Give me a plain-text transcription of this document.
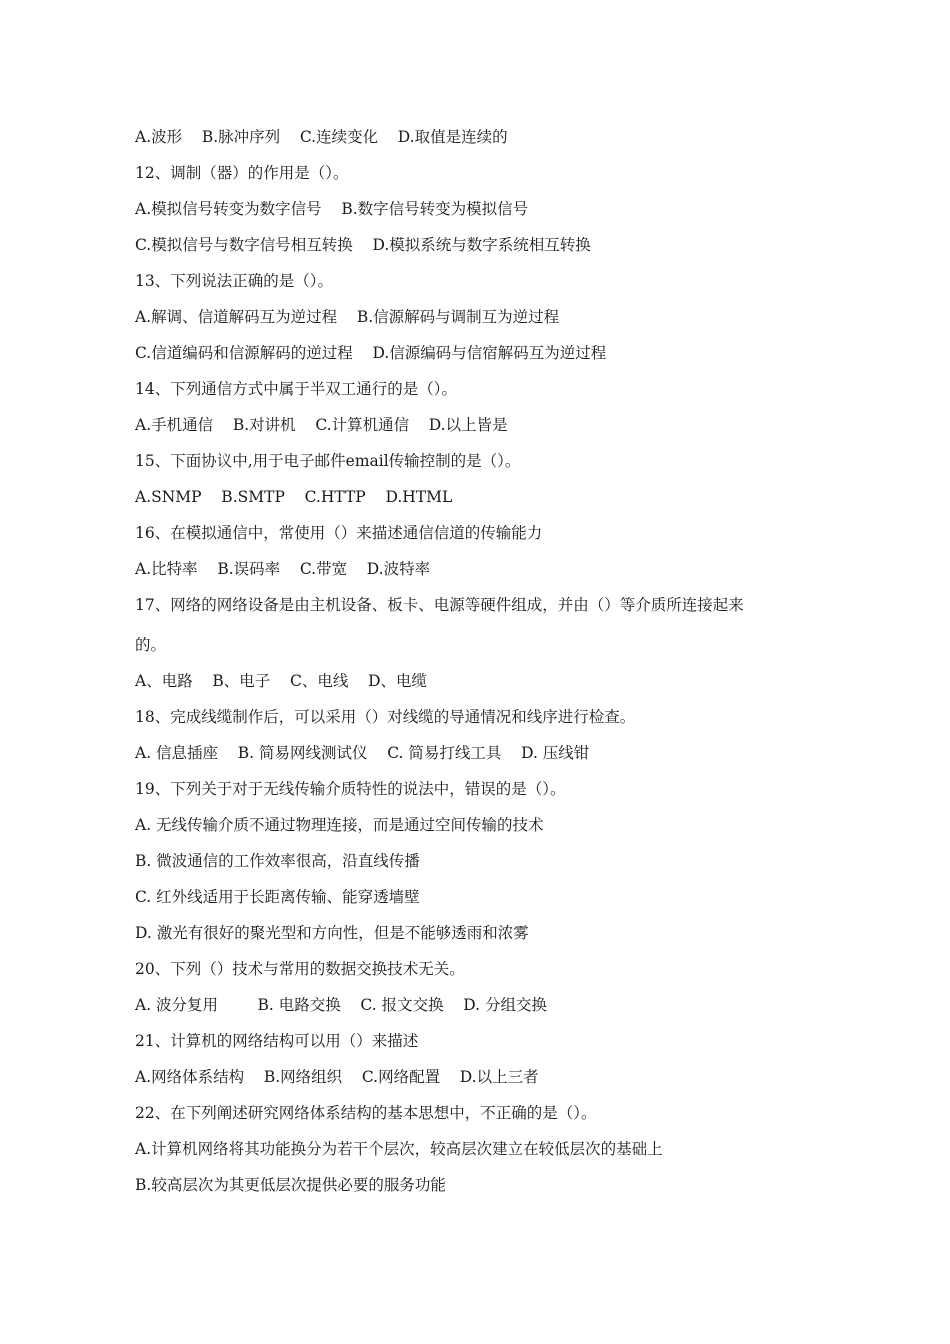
A.波形    B.脉冲序列    C.连续变化    D.取值是连续的
12、调制（器）的作用是（）。
A.模拟信号转变为数字信号    B.数字信号转变为模拟信号
C.模拟信号与数字信号相互转换    D.模拟系统与数字系统相互转换
13、下列说法正确的是（）。
A.解调、信道解码互为逆过程    B.信源解码与调制互为逆过程
C.信道编码和信源解码的逆过程    D.信源编码与信宿解码互为逆过程
14、下列通信方式中属于半双工通行的是（）。
A.手机通信    B.对讲机    C.计算机通信    D.以上皆是
15、下面协议中,用于电子邮件email传输控制的是（）。
A.SNMP    B.SMTP    C.HTTP    D.HTML
16、在模拟通信中，常使用（）来描述通信信道的传输能力
A.比特率    B.误码率    C.带宽    D.波特率
17、网络的网络设备是由主机设备、板卡、电源等硬件组成，并由（）等介质所连接起来
的。
A、电路    B、电子    C、电线    D、电缆
18、完成线缆制作后，可以采用（）对线缆的导通情况和线序进行检查。
A. 信息插座    B. 简易网线测试仪    C. 简易打线工具    D. 压线钳
19、下列关于对于无线传输介质特性的说法中，错误的是（）。
A. 无线传输介质不通过物理连接，而是通过空间传输的技术
B. 微波通信的工作效率很高，沿直线传播
C. 红外线适用于长距离传输、能穿透墙壁
D. 激光有很好的聚光型和方向性，但是不能够透雨和浓雾
20、下列（）技术与常用的数据交换技术无关。
A. 波分复用        B. 电路交换    C. 报文交换    D. 分组交换
21、计算机的网络结构可以用（）来描述
A.网络体系结构    B.网络组织    C.网络配置    D.以上三者
22、在下列阐述研究网络体系结构的基本思想中，不正确的是（）。
A.计算机网络将其功能换分为若干个层次，较高层次建立在较低层次的基础上
B.较高层次为其更低层次提供必要的服务功能
